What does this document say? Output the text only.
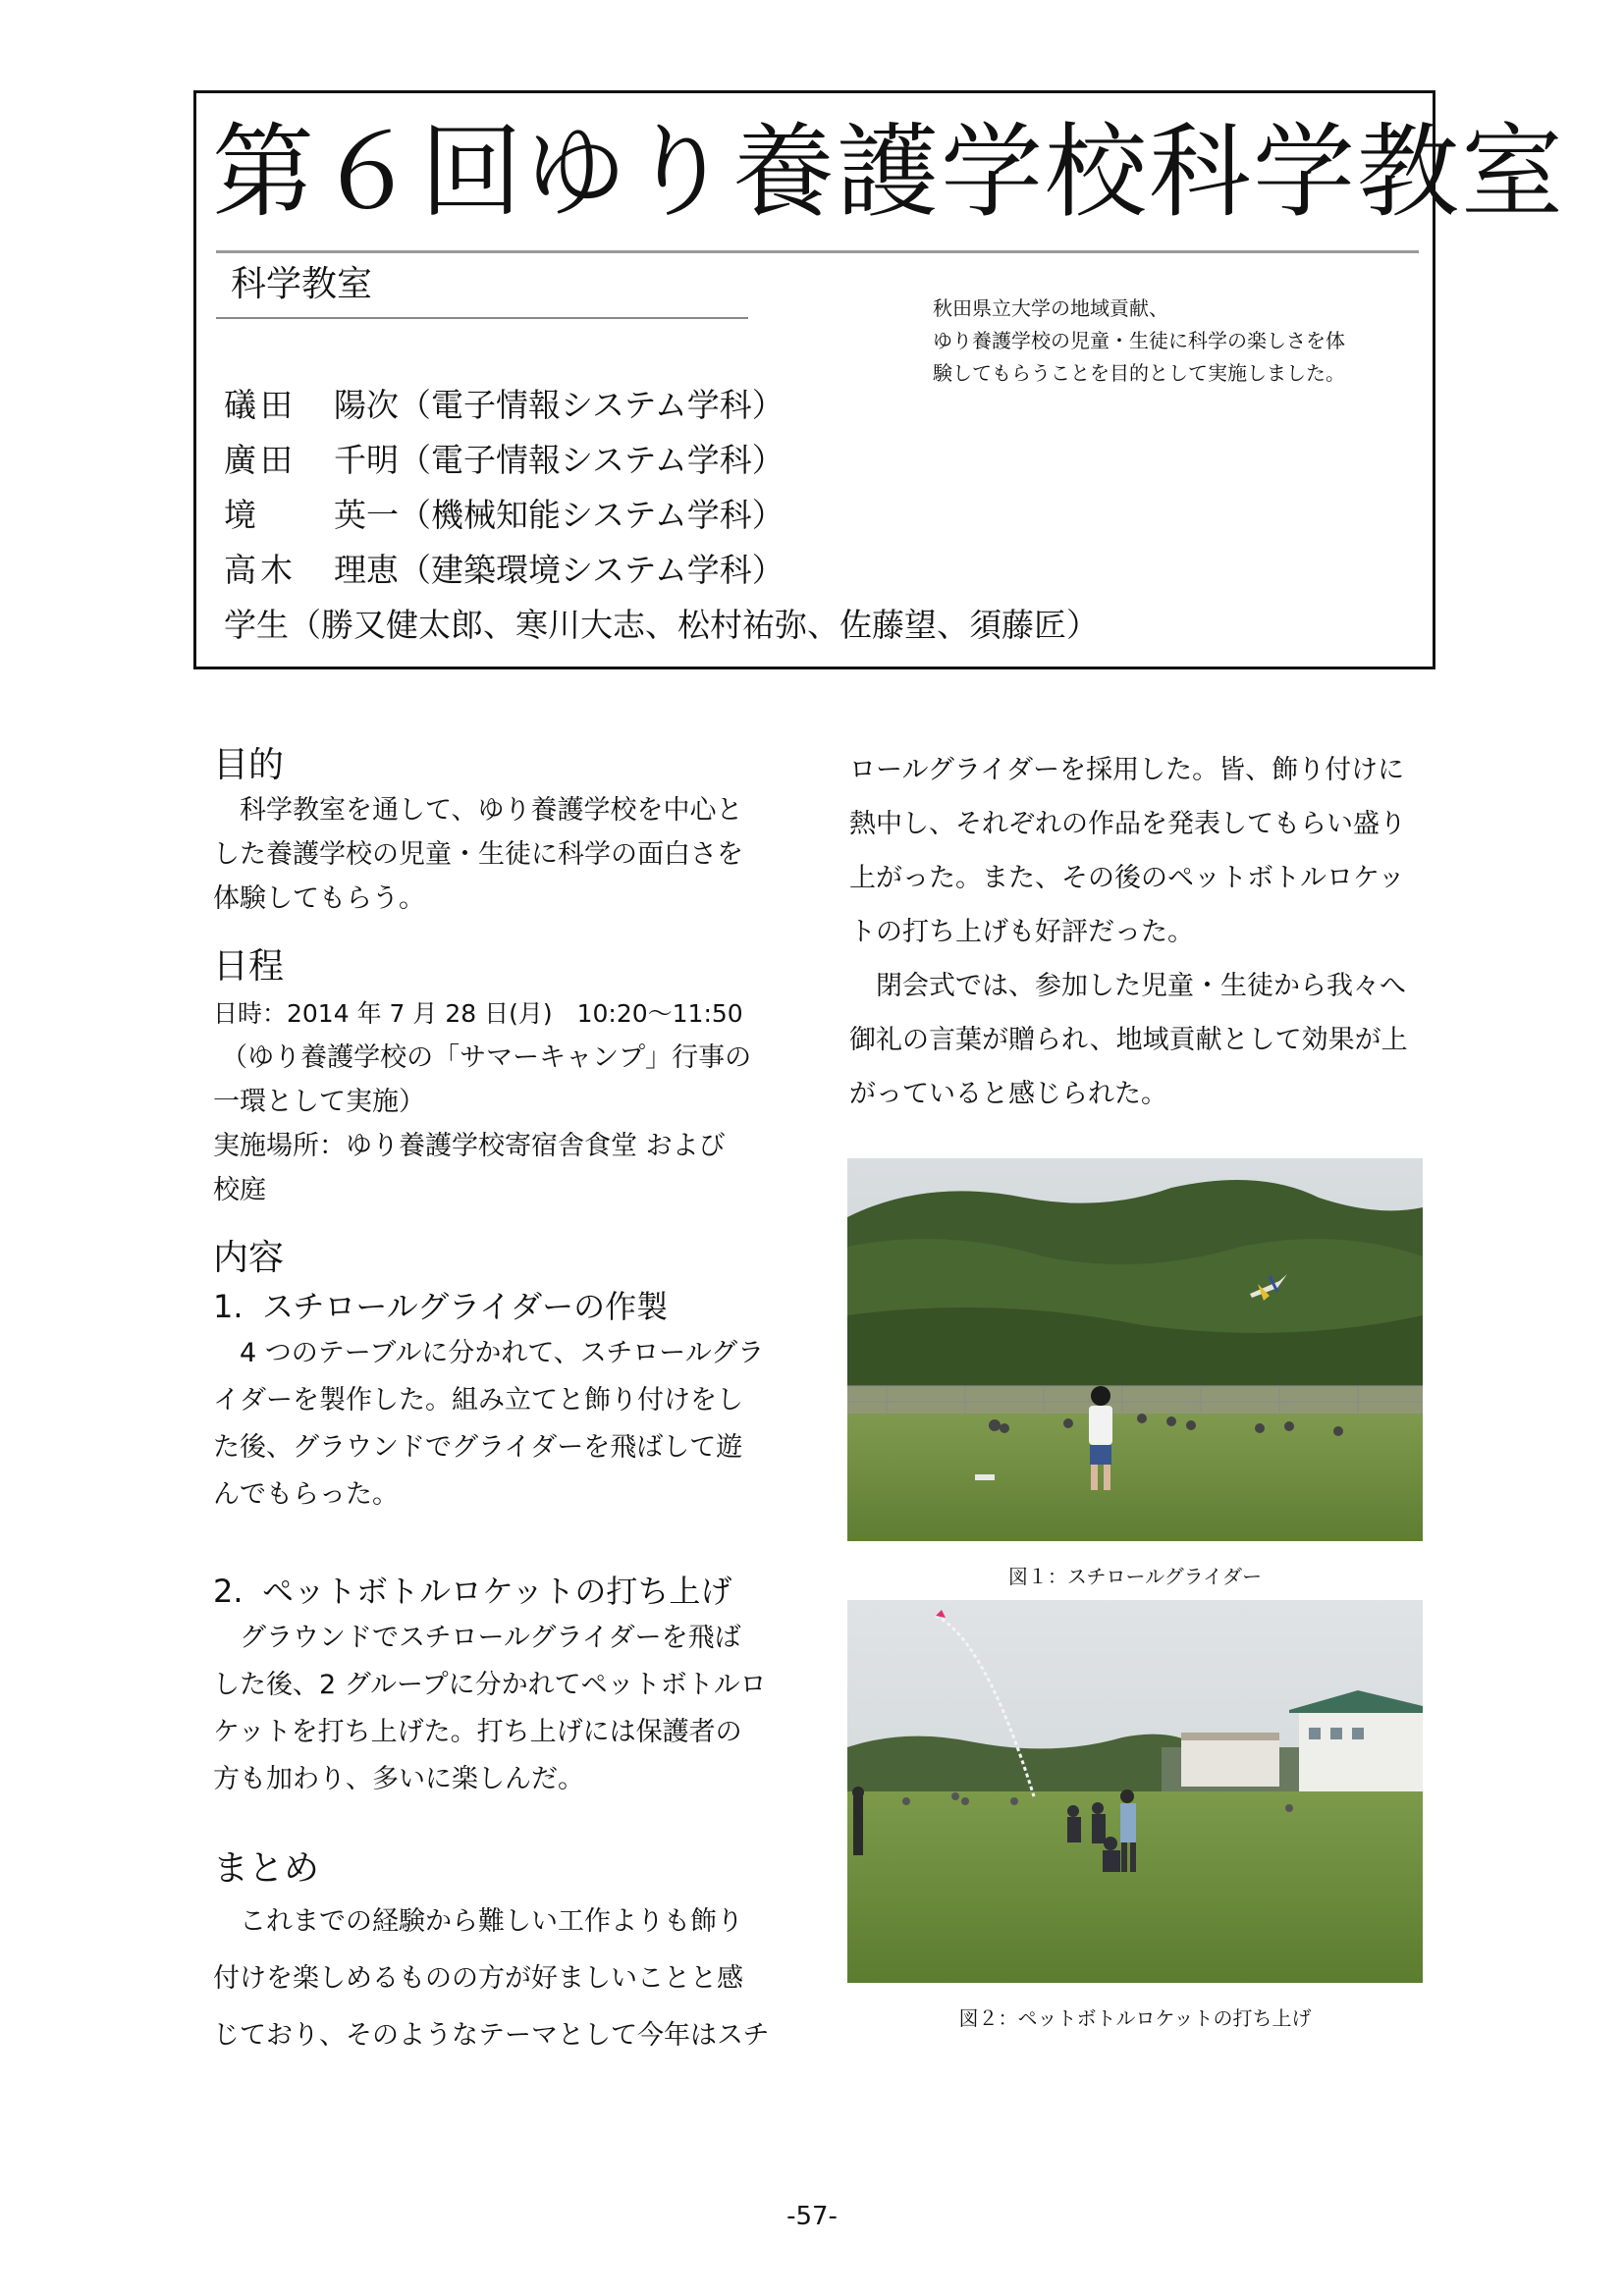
第６回ゆり養護学校科学教室
科学教室
秋田県立大学の地域貢献、
ゆり養護学校の児童・生徒に科学の楽しさを体
験してもらうことを目的として実施しました。
礒田 陽次（電子情報システム学科）
廣田 千明（電子情報システム学科）
境 英一（機械知能システム学科）
高木 理恵（建築環境システム学科）
学生（勝又健太郎、寒川大志、松村祐弥、佐藤望、須藤匠）
目的
科学教室を通して、ゆり養護学校を中心と
した養護学校の児童・生徒に科学の面白さを
体験してもらう。
日程
日時：2014 年 7 月 28 日(月)　10:20～11:50
（ゆり養護学校の「サマーキャンプ」行事の
一環として実施）
実施場所：ゆり養護学校寄宿舎食堂 および
校庭
内容
1. スチロールグライダーの作製
4 つのテーブルに分かれて、スチロールグラ
イダーを製作した。組み立てと飾り付けをし
た後、グラウンドでグライダーを飛ばして遊
んでもらった。
2. ペットボトルロケットの打ち上げ
グラウンドでスチロールグライダーを飛ば
した後、2 グループに分かれてペットボトルロ
ケットを打ち上げた。打ち上げには保護者の
方も加わり、多いに楽しんだ。
まとめ
これまでの経験から難しい工作よりも飾り
付けを楽しめるものの方が好ましいことと感
じており、そのようなテーマとして今年はスチ
ロールグライダーを採用した。皆、飾り付けに
熱中し、それぞれの作品を発表してもらい盛り
上がった。また、その後のペットボトルロケッ
トの打ち上げも好評だった。
閉会式では、参加した児童・生徒から我々へ
御礼の言葉が贈られ、地域貢献として効果が上
がっていると感じられた。
図１：スチロールグライダー
図２：ペットボトルロケットの打ち上げ
-57-
